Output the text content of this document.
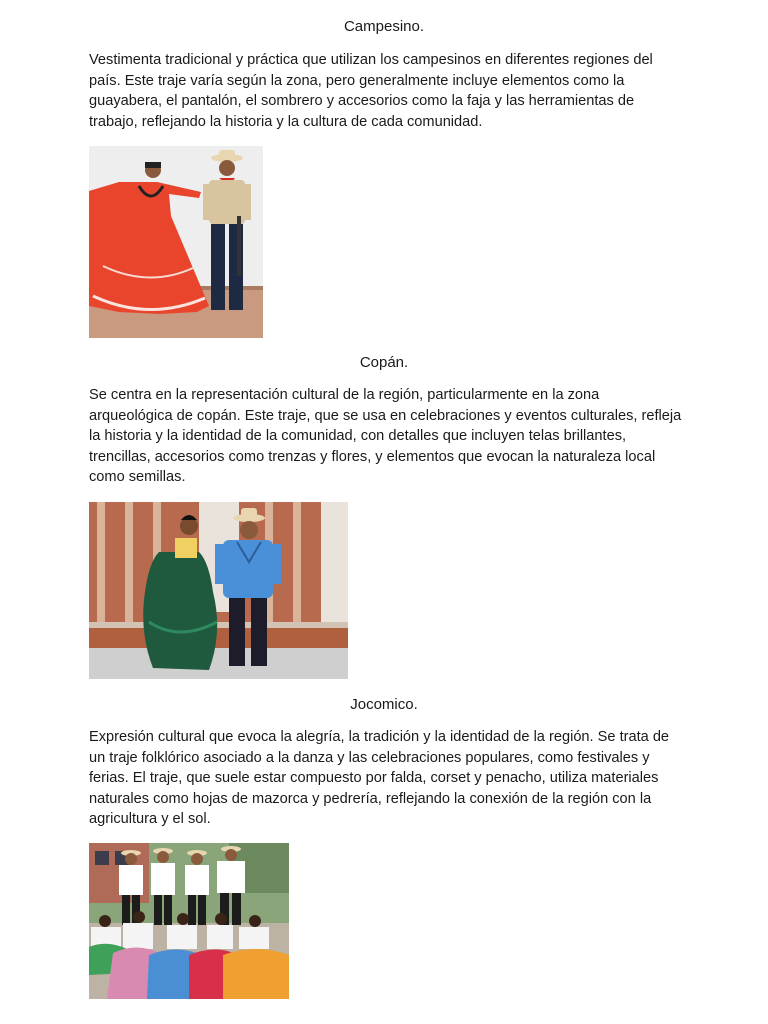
Campesino.
Vestimenta tradicional y práctica que utilizan los campesinos en diferentes regiones del país. Este traje varía según la zona, pero generalmente incluye elementos como la guayabera, el pantalón, el sombrero y accesorios como la faja y las herramientas de trabajo, reflejando la historia y la cultura de cada comunidad.
Copán.
Se centra en la representación cultural de la región, particularmente en la zona arqueológica de copán. Este traje, que se usa en celebraciones y eventos culturales, refleja la historia y la identidad de la comunidad, con detalles que incluyen telas brillantes, trencillas, accesorios como trenzas y flores, y elementos que evocan la naturaleza local como semillas.
Jocomico.
Expresión cultural que evoca la alegría, la tradición y la identidad de la región. Se trata de un traje folklórico asociado a la danza y las celebraciones populares, como festivales y ferias. El traje, que suele estar compuesto por falda, corset y penacho, utiliza materiales naturales como hojas de mazorca y pedrería, reflejando la conexión de la región con la agricultura y el sol.
